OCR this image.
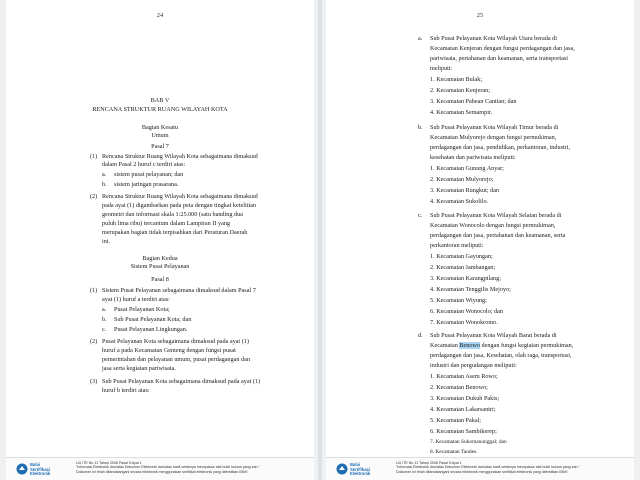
24
BAB V
RENCANA STRUKTUR RUANG WILAYAH KOTA
Bagian Kesatu
Umum
Pasal 7
(1) Rencana Struktur Ruang Wilayah Kota sebagaimana dimaksud
dalam Pasal 2 huruf c terdiri atas:
a. sistem pusat pelayanan; dan
b. sistem jaringan prasarana.
(2) Rencana Struktur Ruang Wilayah Kota sebagaimana dimaksud
pada ayat (1) digambarkan pada peta dengan tingkat ketelitian
geometri dan informasi skala 1:25.000 (satu banding dua
puluh lima ribu) tercantum dalam Lampiran II yang
merupakan bagian tidak terpisahkan dari Peraturan Daerah
ini.
Bagian Kedua
Sistem Pusat Pelayanan
Pasal 8
(1) Sistem Pusat Pelayanan sebagaimana dimaksud dalam Pasal 7
ayat (1) huruf a terdiri atas:
a. Pusat Pelayanan Kota;
b. Sub Pusat Pelayanan Kota; dan
c. Pusat Pelayanan Lingkungan.
(2) Pusat Pelayanan Kota sebagaimana dimaksud pada ayat (1)
huruf a pada Kecamatan Genteng dengan fungsi pusat
pemerintahan dan pelayanan umum, pusat perdagangan dan
jasa serta kegiatan pariwisata.
(3) Sub Pusat Pelayanan Kota sebagaimana dimaksud pada ayat (1)
huruf b terdiri atas:
Balai
Sertifikasi
Elektronik
UU ITE No 11 Tahun 2008 Pasal 5 Ayat 1
"Informasi Elektronik dan/atau Dokumen Elektronik dan/atau hasil cetaknya merupakan alat bukti hukum yang sah."
Dokumen ini telah ditandatangani secara elektronik menggunakan sertifikat elektronik yang diterbitkan BSrE
25
a. Sub Pusat Pelayanan Kota Wilayah Utara berada di
Kecamatan Kenjeran dengan fungsi perdagangan dan jasa,
pariwisata, pertahanan dan keamanan, serta transportasi
meliputi:
1. Kecamatan Bulak;
2. Kecamatan Kenjeran;
3. Kecamatan Pabean Cantian; dan
4. Kecamatan Semampir.
b. Sub Pusat Pelayanan Kota Wilayah Timur berada di
Kecamatan Mulyorejo dengan fungsi permukiman,
perdagangan dan jasa, pendidikan, perkantoran, industri,
kesehatan dan pariwisata meliputi:
1. Kecamatan Gunung Anyar;
2. Kecamatan Mulyorejo;
3. Kecamatan Rungkut; dan
4. Kecamatan Sukolilo.
c. Sub Pusat Pelayanan Kota Wilayah Selatan berada di
Kecamatan Wonocolo dengan fungsi permukiman,
perdagangan dan jasa, pertahanan dan keamanan, serta
perkantoran meliputi:
1. Kecamatan Gayungan;
2. Kecamatan Jambangan;
3. Kecamatan Karangpilang;
4. Kecamatan Tenggilis Mejoyo;
5. Kecamatan Wiyung;
6. Kecamatan Wonocolo; dan
7. Kecamatan Wonokromo.
d. Sub Pusat Pelayanan Kota Wilayah Barat berada di
Kecamatan Benowo dengan fungsi kegiatan permukiman,
perdagangan dan jasa, Kesehatan, olah raga, transportasi,
industri dan pergudangan meliputi:
1. Kecamatan Asem Rowo;
2. Kecamatan Benowo;
3. Kecamatan Dukuh Pakis;
4. Kecamatan Lakarsantri;
5. Kecamatan Pakal;
6. Kecamatan Sambikerep;
7. Kecamatan Sukomanunggal; dan
8. Kecamatan Tandes.
Balai
Sertifikasi
Elektronik
UU ITE No 11 Tahun 2008 Pasal 5 Ayat 1
"Informasi Elektronik dan/atau Dokumen Elektronik dan/atau hasil cetaknya merupakan alat bukti hukum yang sah."
Dokumen ini telah ditandatangani secara elektronik menggunakan sertifikat elektronik yang diterbitkan BSrE
